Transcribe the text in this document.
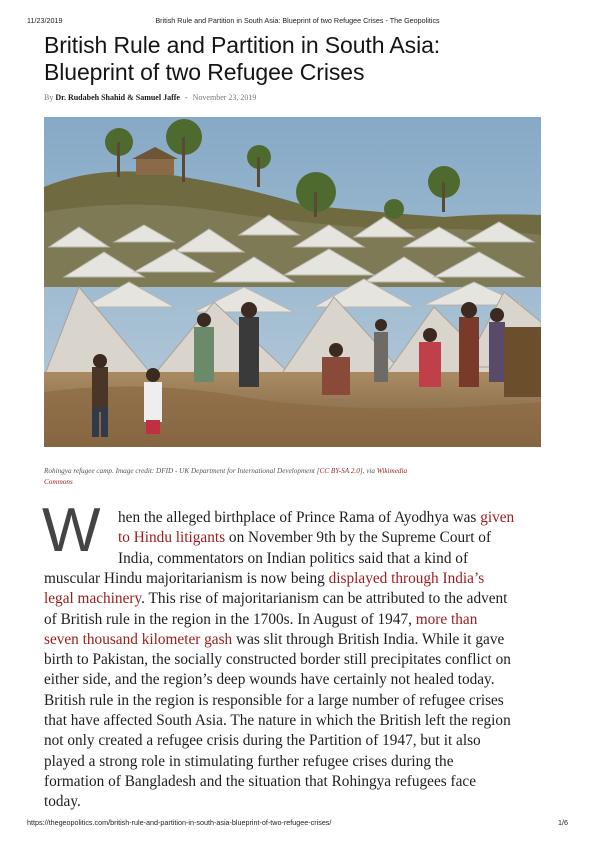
11/23/2019	British Rule and Partition in South Asia: Blueprint of two Refugee Crises - The Geopolitics
British Rule and Partition in South Asia:
Blueprint of two Refugee Crises
By Dr. Rudabeh Shahid & Samuel Jaffe - November 23, 2019
Rohingya refugee camp. Image credit: DFID - UK Department for International Development [CC BY-SA 2.0], via Wikimedia
Commons
W hen the alleged birthplace of Prince Rama of Ayodhya was given
to Hindu litigants on November 9th by the Supreme Court of
India, commentators on Indian politics said that a kind of
muscular Hindu majoritarianism is now being displayed through India’s
legal machinery. This rise of majoritarianism can be attributed to the advent
of British rule in the region in the 1700s. In August of 1947, more than
seven thousand kilometer gash was slit through British India. While it gave
birth to Pakistan, the socially constructed border still precipitates conflict on
either side, and the region’s deep wounds have certainly not healed today.
British rule in the region is responsible for a large number of refugee crises
that have affected South Asia. The nature in which the British left the region
not only created a refugee crisis during the Partition of 1947, but it also
played a strong role in stimulating further refugee crises during the
formation of Bangladesh and the situation that Rohingya refugees face
today.
https://thegeopolitics.com/british-rule-and-partition-in-south-asia-blueprint-of-two-refugee-crises/	1/6
